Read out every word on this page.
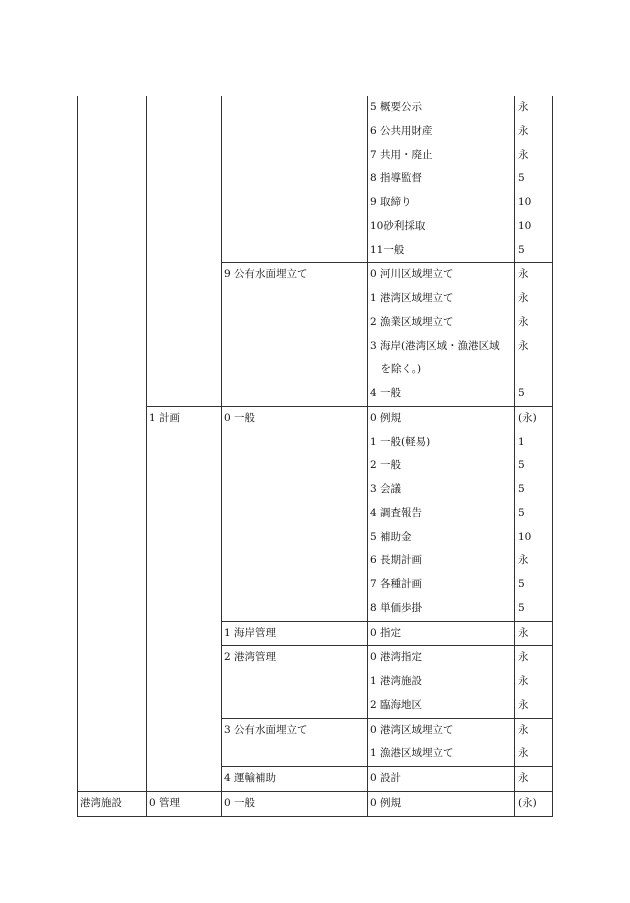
			5 概要公示	永
			6 公共用財産	永
			7 共用・廃止	永
			8 指導監督	5
			9 取締り	10
			10砂利採取	10
			11一般	5
		9 公有水面埋立て	0 河川区域埋立て	永
			1 港湾区域埋立て	永
			2 漁業区域埋立て	永
			3 海岸(港湾区域・漁港区域	永
			　を除く。)	
			4 一般	5
	1 計画	0 一般	0 例規	(永)
			1 一般(軽易)	1
			2 一般	5
			3 会議	5
			4 調査報告	5
			5 補助金	10
			6 長期計画	永
			7 各種計画	5
			8 単価歩掛	5
		1 海岸管理	0 指定	永
		2 港湾管理	0 港湾指定	永
			1 港湾施設	永
			2 臨海地区	永
		3 公有水面埋立て	0 港湾区域埋立て	永
			1 漁港区域埋立て	永
		4 運輸補助	0 設計	永
港湾施設	0 管理	0 一般	0 例規	(永)
